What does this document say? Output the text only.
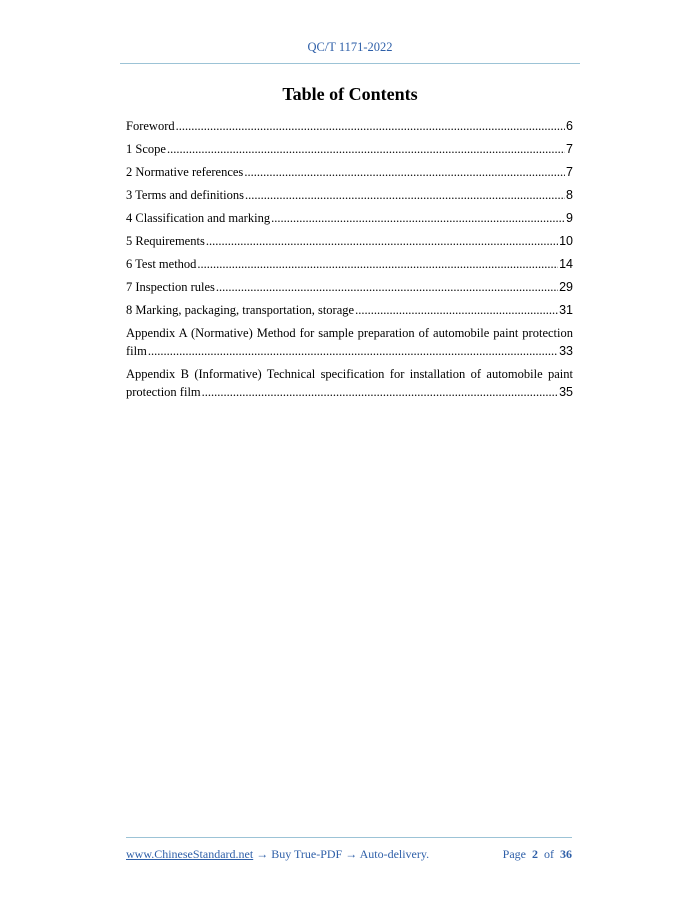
QC/T 1171-2022
Table of Contents
Foreword .....	6
1 Scope .....	7
2 Normative references .....	7
3 Terms and definitions .....	8
4 Classification and marking .....	9
5 Requirements .....	10
6 Test method .....	14
7 Inspection rules .....	29
8 Marking, packaging, transportation, storage .....	31
Appendix A (Normative) Method for sample preparation of automobile paint protection
film .....	33
Appendix B (Informative) Technical specification for installation of automobile paint
protection film .....	35
www.ChineseStandard.net → Buy True-PDF → Auto-delivery.	Page 2 of 36
